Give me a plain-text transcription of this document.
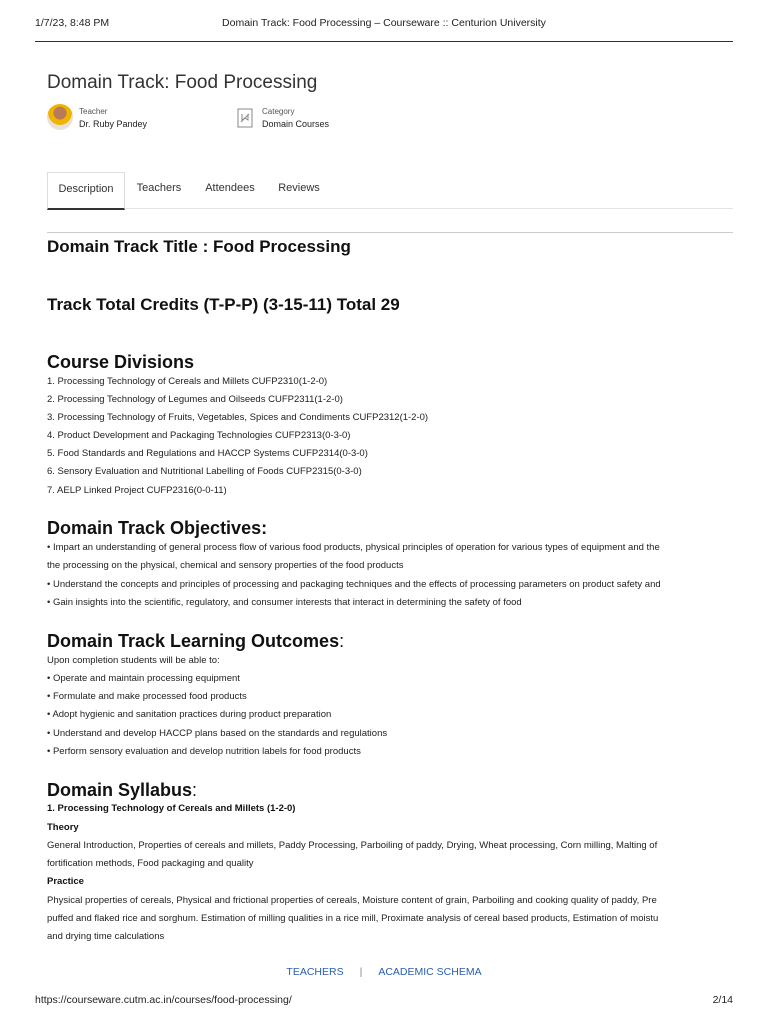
1/7/23, 8:48 PM	Domain Track: Food Processing – Courseware :: Centurion University
Domain Track: Food Processing
Teacher
Dr. Ruby Pandey
Category
Domain Courses
Description	Teachers	Attendees	Reviews
Domain Track Title : Food Processing
Track Total Credits (T-P-P) (3-15-11) Total 29
Course Divisions
1. Processing Technology of Cereals and Millets CUFP2310(1-2-0)
2. Processing Technology of Legumes and Oilseeds CUFP2311(1-2-0)
3. Processing Technology of Fruits, Vegetables, Spices and Condiments CUFP2312(1-2-0)
4. Product Development and Packaging Technologies CUFP2313(0-3-0)
5. Food Standards and Regulations and HACCP Systems CUFP2314(0-3-0)
6. Sensory Evaluation and Nutritional Labelling of Foods CUFP2315(0-3-0)
7. AELP Linked Project CUFP2316(0-0-11)
Domain Track Objectives:
• Impart an understanding of general process flow of various food products, physical principles of operation for various types of equipment and the
the processing on the physical, chemical and sensory properties of the food products
• Understand the concepts and principles of processing and packaging techniques and the effects of processing parameters on product safety and
• Gain insights into the scientific, regulatory, and consumer interests that interact in determining the safety of food
Domain Track Learning Outcomes:
Upon completion students will be able to:
• Operate and maintain processing equipment
• Formulate and make processed food products
• Adopt hygienic and sanitation practices during product preparation
• Understand and develop HACCP plans based on the standards and regulations
• Perform sensory evaluation and develop nutrition labels for food products
Domain Syllabus:
1. Processing Technology of Cereals and Millets (1-2-0)
Theory
General Introduction, Properties of cereals and millets, Paddy Processing, Parboiling of paddy, Drying, Wheat processing, Corn milling, Malting of
fortification methods, Food packaging and quality
Practice
Physical properties of cereals, Physical and frictional properties of cereals, Moisture content of grain, Parboiling and cooking quality of paddy, Pre
puffed and flaked rice and sorghum. Estimation of milling qualities in a rice mill, Proximate analysis of cereal based products, Estimation of moistu
and drying time calculations
TEACHERS | ACADEMIC SCHEMA
https://courseware.cutm.ac.in/courses/food-processing/	2/14
